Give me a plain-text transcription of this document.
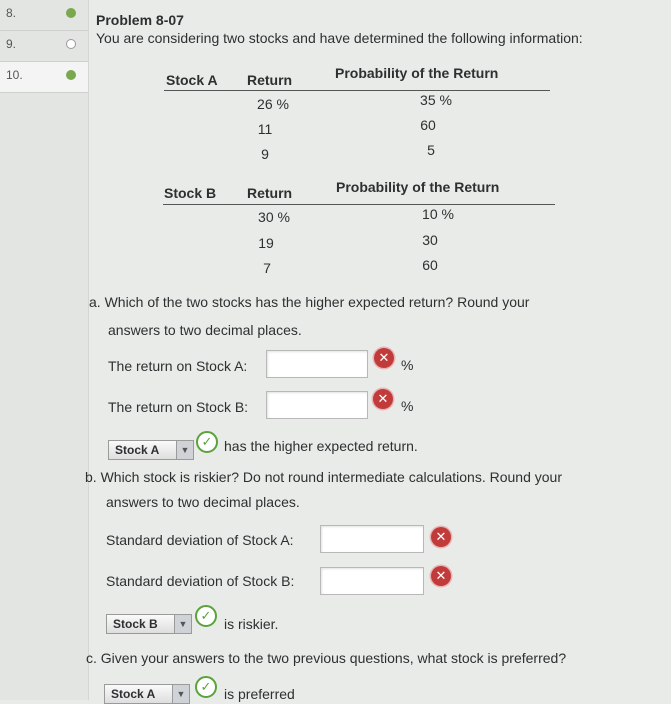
8.
9.
10.
Problem 8-07
You are considering two stocks and have determined the following information:
Stock A Return	Probability of the Return
26 %	35 %
11	60
9	5
Stock B Return	Probability of the Return
30 %	10 %
19	30
7	60
a. Which of the two stocks has the higher expected return? Round your
answers to two decimal places.
The return on Stock A:
✕ %
The return on Stock B:
✕ %
Stock A	▼
✓ has the higher expected return.
b. Which stock is riskier? Do not round intermediate calculations. Round your
answers to two decimal places.
Standard deviation of Stock A:	✕
Standard deviation of Stock B:	✕
Stock B	▼
✓
is riskier.
c. Given your answers to the two previous questions, what stock is preferred?
Stock A	▼	✓ is preferred
